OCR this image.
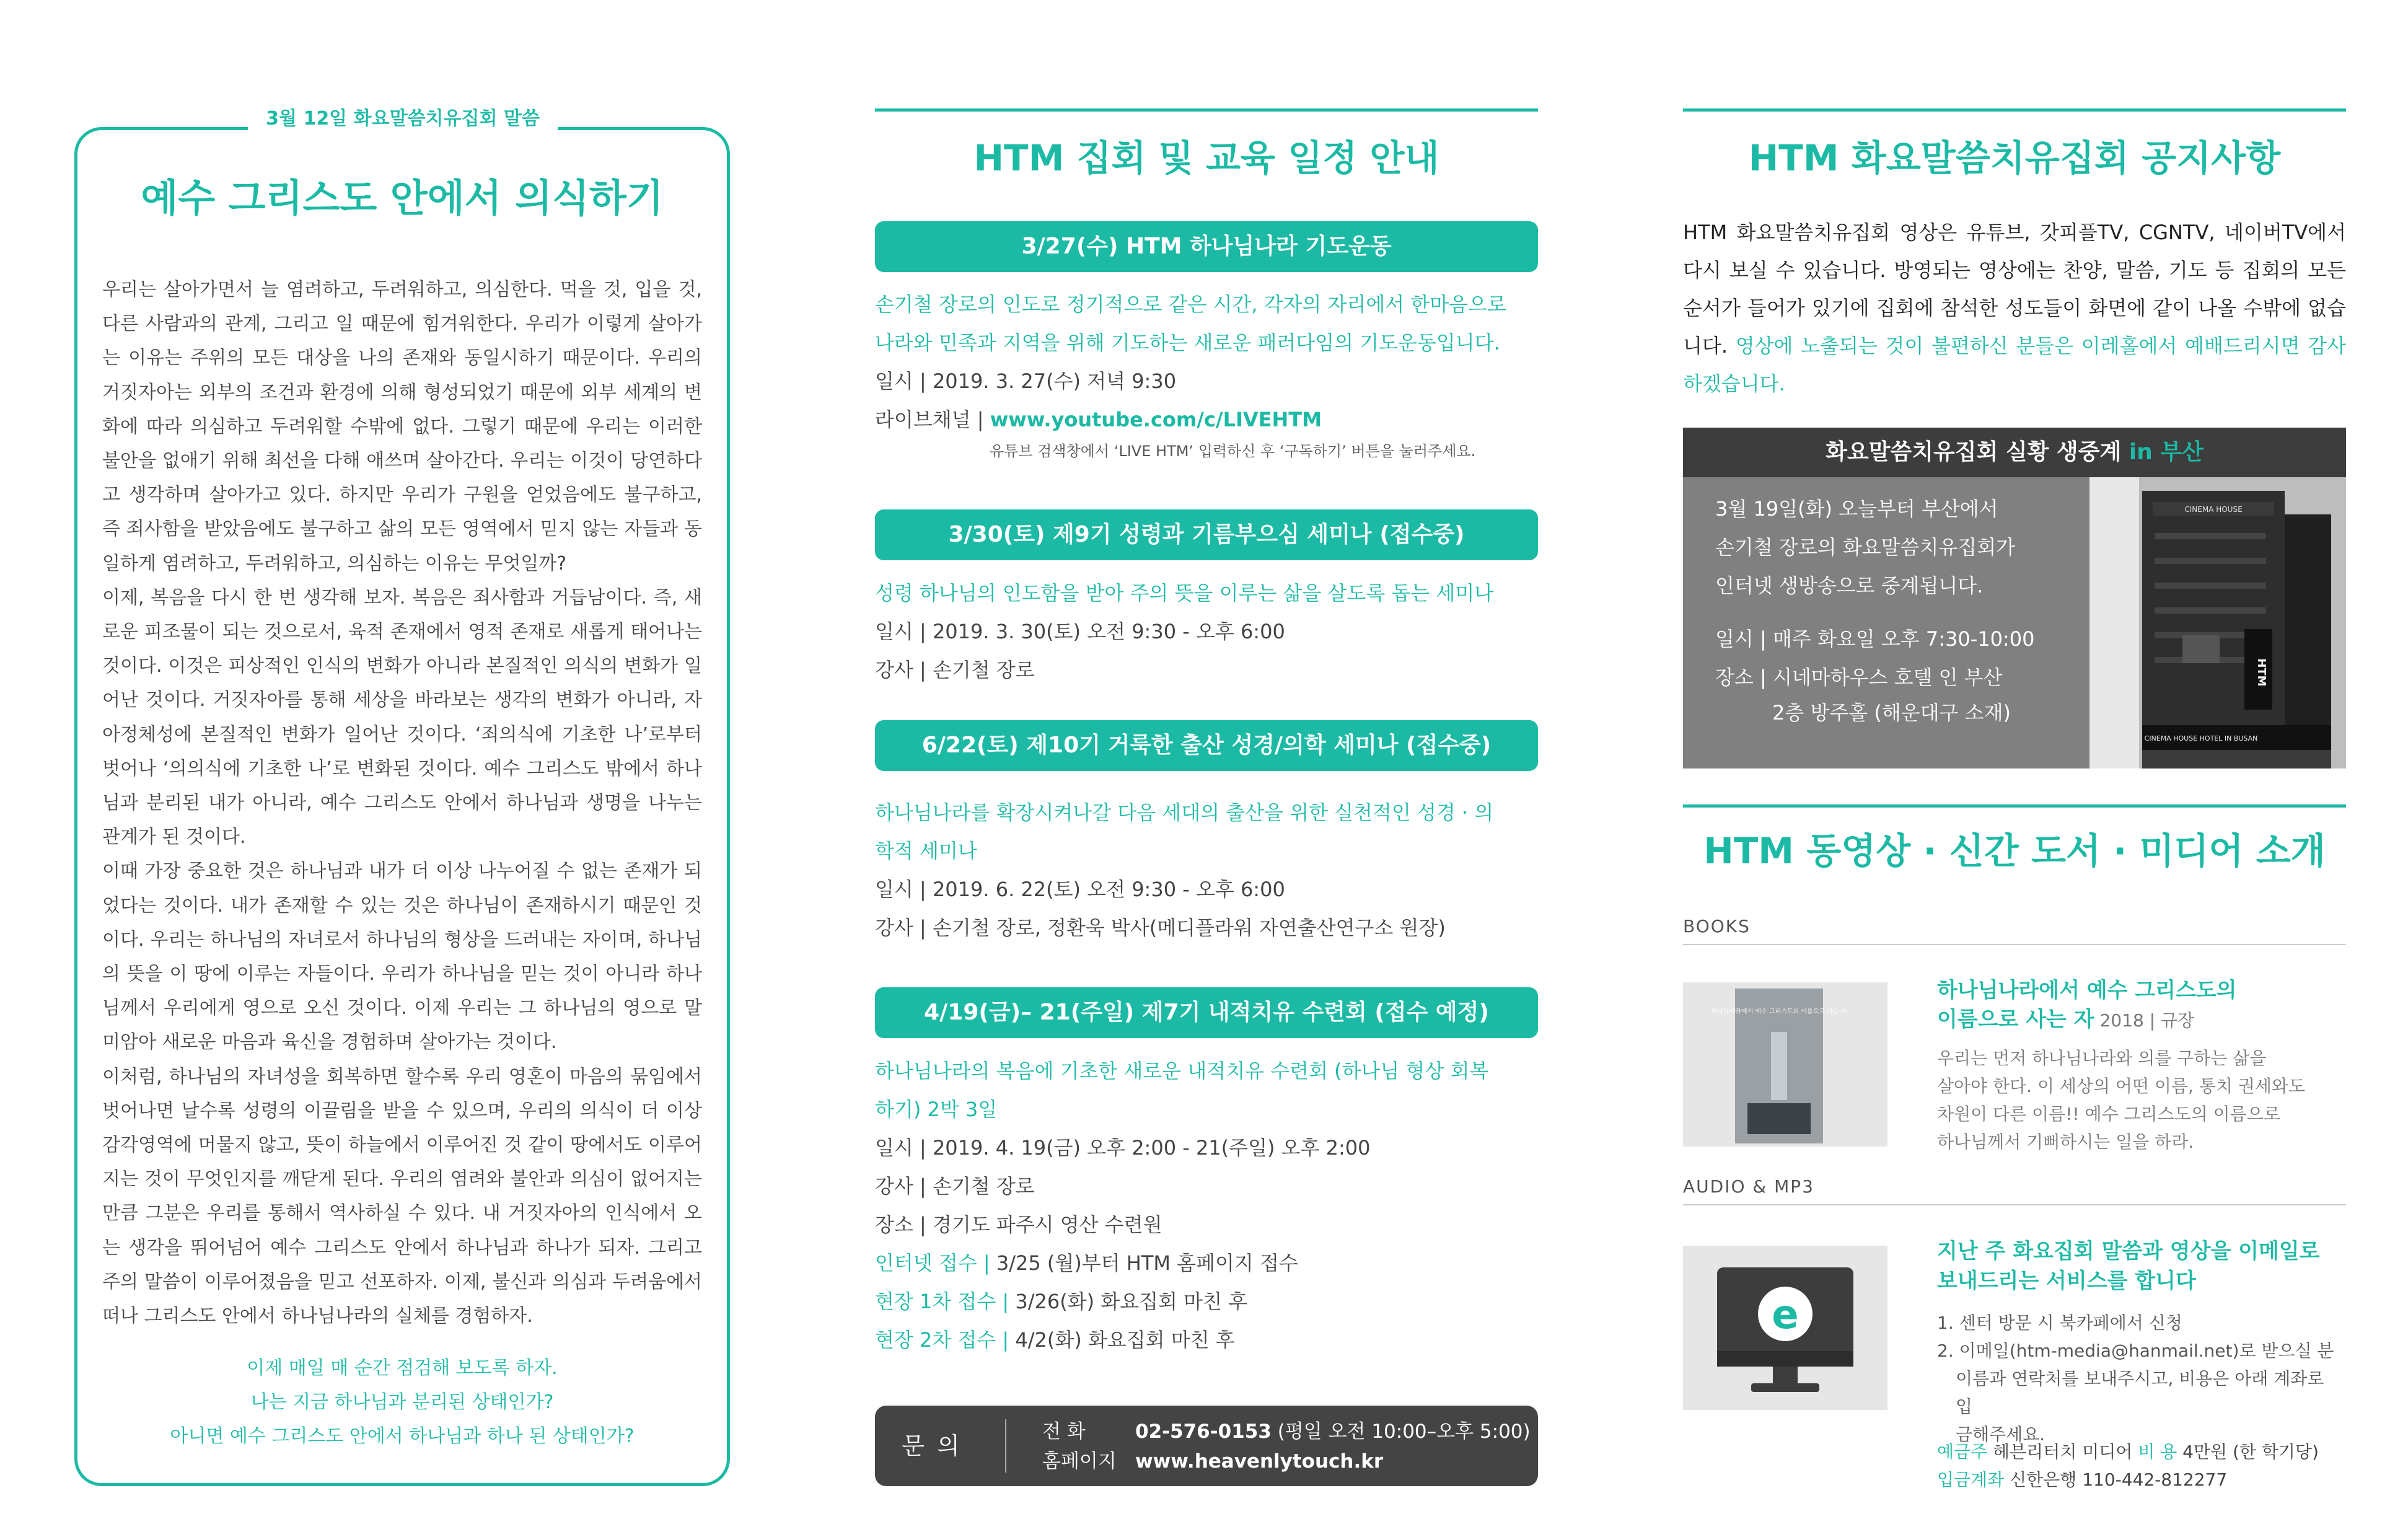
3월 12일 화요말씀치유집회 말씀
예수 그리스도 안에서 의식하기

우리는 살아가면서 늘 염려하고, 두려워하고, 의심한다. 먹을 것, 입을 것, 다른 사람과의 관계, 그리고 일 때문에 힘겨워한다. 우리가 이렇게 살아가는 이유는 주위의 모든 대상을 나의 존재와 동일시하기 때문이다. 우리의 거짓자아는 외부의 조건과 환경에 의해 형성되었기 때문에 외부 세계의 변화에 따라 의심하고 두려워할 수밖에 없다. 그렇기 때문에 우리는 이러한 불안을 없애기 위해 최선을 다해 애쓰며 살아간다. 우리는 이것이 당연하다고 생각하며 살아가고 있다. 하지만 우리가 구원을 얻었음에도 불구하고, 즉 죄사함을 받았음에도 불구하고 삶의 모든 영역에서 믿지 않는 자들과 동일하게 염려하고, 두려워하고, 의심하는 이유는 무엇일까?

이제, 복음을 다시 한 번 생각해 보자. 복음은 죄사함과 거듭남이다. 즉, 새로운 피조물이 되는 것으로서, 육적 존재에서 영적 존재로 새롭게 태어나는 것이다. 이것은 피상적인 인식의 변화가 아니라 본질적인 의식의 변화가 일어난 것이다. 거짓자아를 통해 세상을 바라보는 생각의 변화가 아니라, 자아정체성에 본질적인 변화가 일어난 것이다. ‘죄의식에 기초한 나’로부터 벗어나 ‘의의식에 기초한 나’로 변화된 것이다. 예수 그리스도 밖에서 하나님과 분리된 내가 아니라, 예수 그리스도 안에서 하나님과 생명을 나누는 관계가 된 것이다.

이때 가장 중요한 것은 하나님과 내가 더 이상 나누어질 수 없는 존재가 되었다는 것이다. 내가 존재할 수 있는 것은 하나님이 존재하시기 때문인 것이다. 우리는 하나님의 자녀로서 하나님의 형상을 드러내는 자이며, 하나님의 뜻을 이 땅에 이루는 자들이다. 우리가 하나님을 믿는 것이 아니라 하나님께서 우리에게 영으로 오신 것이다. 이제 우리는 그 하나님의 영으로 말미암아 새로운 마음과 육신을 경험하며 살아가는 것이다.

이처럼, 하나님의 자녀성을 회복하면 할수록 우리 영혼이 마음의 묶임에서 벗어나면 날수록 성령의 이끌림을 받을 수 있으며, 우리의 의식이 더 이상 감각영역에 머물지 않고, 뜻이 하늘에서 이루어진 것 같이 땅에서도 이루어지는 것이 무엇인지를 깨닫게 된다. 우리의 염려와 불안과 의심이 없어지는 만큼 그분은 우리를 통해서 역사하실 수 있다. 내 거짓자아의 인식에서 오는 생각을 뛰어넘어 예수 그리스도 안에서 하나님과 하나가 되자. 그리고 주의 말씀이 이루어졌음을 믿고 선포하자. 이제, 불신과 의심과 두려움에서 떠나 그리스도 안에서 하나님나라의 실체를 경험하자.

이제 매일 매 순간 점검해 보도록 하자.
나는 지금 하나님과 분리된 상태인가?
아니면 예수 그리스도 안에서 하나님과 하나 된 상태인가?
HTM 집회 및 교육 일정 안내
3/27(수) HTM 하나님나라 기도운동
손기철 장로의 인도로 정기적으로 같은 시간, 각자의 자리에서 한마음으로
나라와 민족과 지역을 위해 기도하는 새로운 패러다임의 기도운동입니다.
일시 | 2019. 3. 27(수) 저녁 9:30
라이브채널 | www.youtube.com/c/LIVEHTM
유튜브 검색창에서 ‘LIVE HTM’ 입력하신 후 ‘구독하기’ 버튼을 눌러주세요.
3/30(토) 제9기 성령과 기름부으심 세미나 (접수중)
성령 하나님의 인도함을 받아 주의 뜻을 이루는 삶을 살도록 돕는 세미나
일시 | 2019. 3. 30(토) 오전 9:30 - 오후 6:00
강사 | 손기철 장로
6/22(토) 제10기 거룩한 출산 성경/의학 세미나 (접수중)
하나님나라를 확장시켜나갈 다음 세대의 출산을 위한 실천적인 성경 · 의
학적 세미나
일시 | 2019. 6. 22(토) 오전 9:30 - 오후 6:00
강사 | 손기철 장로, 정환욱 박사(메디플라워 자연출산연구소 원장)
4/19(금)– 21(주일) 제7기 내적치유 수련회 (접수 예정)
하나님나라의 복음에 기초한 새로운 내적치유 수련회 (하나님 형상 회복
하기) 2박 3일
일시 | 2019. 4. 19(금) 오후 2:00 - 21(주일) 오후 2:00
강사 | 손기철 장로
장소 | 경기도 파주시 영산 수련원
인터넷 접수 | 3/25 (월)부터 HTM 홈페이지 접수
현장 1차 접수 | 3/26(화) 화요집회 마친 후
현장 2차 접수 | 4/2(화) 화요집회 마친 후
문의
전 화	02-576-0153 (평일 오전 10:00–오후 5:00)
홈페이지 www.heavenlytouch.kr
HTM 화요말씀치유집회 공지사항
HTM 화요말씀치유집회 영상은 유튜브, 갓피플TV, CGNTV, 네이버TV에서 다시 보실 수 있습니다. 방영되는 영상에는 찬양, 말씀, 기도 등 집회의 모든 순서가 들어가 있기에 집회에 참석한 성도들이 화면에 같이 나올 수밖에 없습니다. 영상에 노출되는 것이 불편하신 분들은 이레홀에서 예배드리시면 감사하겠습니다.
화요말씀치유집회 실황 생중계 in 부산
3월 19일(화) 오늘부터 부산에서
손기철 장로의 화요말씀치유집회가
인터넷 생방송으로 중계됩니다.
일시 | 매주 화요일 오후 7:30-10:00
장소 | 시네마하우스 호텔 인 부산
2층 방주홀 (해운대구 소재)
CINEMA HOUSE
HTM
CINEMA HOUSE HOTEL IN BUSAN
HTM 동영상 · 신간 도서 · 미디어 소개
BOOKS
하나님나라에서 예수 그리스도의 이름으로 사는 자
하나님나라에서 예수 그리스도의
이름으로 사는 자 2018 | 규장
우리는 먼저 하나님나라와 의를 구하는 삶을
살아야 한다. 이 세상의 어떤 이름, 통치 권세와도
차원이 다른 이름!! 예수 그리스도의 이름으로
하나님께서 기뻐하시는 일을 하라.
AUDIO & MP3
e
지난 주 화요집회 말씀과 영상을 이메일로
보내드리는 서비스를 합니다
1. 센터 방문 시 북카페에서 신청
2. 이메일(htm-media@hanmail.net)로 받으실 분
이름과 연락처를 보내주시고, 비용은 아래 계좌로 입
금해주세요.
예금주 헤븐리터치 미디어 비 용 4만원 (한 학기당)
입금계좌 신한은행 110-442-812277
